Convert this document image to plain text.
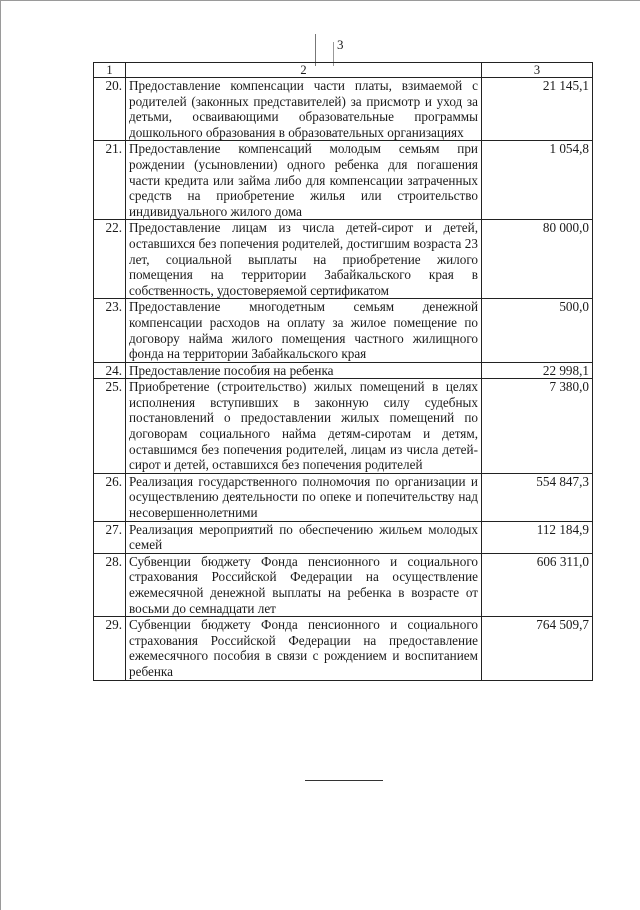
3
1	2	3
20.	Предоставление компенсации части платы, взимаемой с родителей (законных представителей) за присмотр и уход за детьми, осваивающими образовательные программы дошкольного образования в образовательных организациях	21 145,1
21.	Предоставление компенсаций молодым семьям при рождении (усыновлении) одного ребенка для погашения части кредита или займа либо для компенсации затраченных средств на приобретение жилья или строительство индивидуального жилого дома	1 054,8
22.	Предоставление лицам из числа детей-сирот и детей, оставшихся без попечения родителей, достигшим возраста 23 лет, социальной выплаты на приобретение жилого помещения на территории Забайкальского края в собственность, удостоверяемой сертификатом	80 000,0
23.	Предоставление многодетным семьям денежной компенсации расходов на оплату за жилое помещение по договору найма жилого помещения частного жилищного фонда на территории Забайкальского края	500,0
24.	Предоставление пособия на ребенка	22 998,1
25.	Приобретение (строительство) жилых помещений в целях исполнения вступивших в законную силу судебных постановлений о предоставлении жилых помещений по договорам социального найма детям-сиротам и детям, оставшимся без попечения родителей, лицам из числа детей-сирот и детей, оставшихся без попечения родителей	7 380,0
26.	Реализация государственного полномочия по организации и осуществлению деятельности по опеке и попечительству над несовершеннолетними	554 847,3
27.	Реализация мероприятий по обеспечению жильем молодых семей	112 184,9
28.	Субвенции бюджету Фонда пенсионного и социального страхования Российской Федерации на осуществление ежемесячной денежной выплаты на ребенка в возрасте от восьми до семнадцати лет	606 311,0
29.	Субвенции бюджету Фонда пенсионного и социального страхования Российской Федерации на предоставление ежемесячного пособия в связи с рождением и воспитанием ребенка	764 509,7
